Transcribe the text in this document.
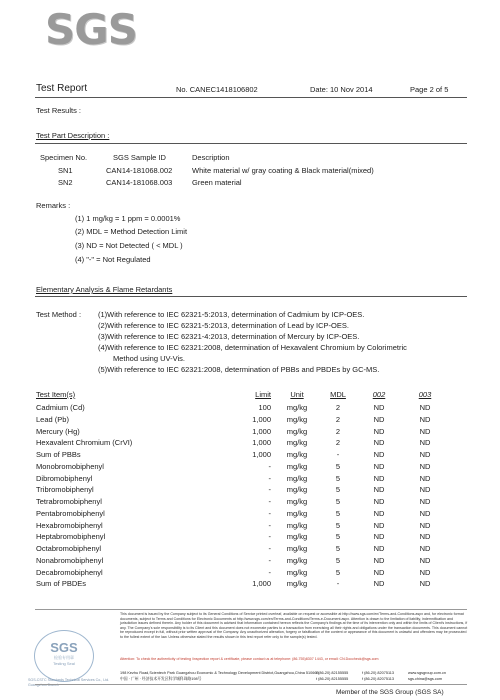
SGS
Test Report	No. CANEC1418106802	Date: 10 Nov 2014	Page 2 of 5
Test Results :
Test Part Description :
Specimen No.	SGS Sample ID	Description
SN1	CAN14-181068.002	White material w/ gray coating & Black material(mixed)
SN2	CAN14-181068.003	Green material
Remarks :
(1) 1 mg/kg = 1 ppm = 0.0001%
(2) MDL = Method Detection Limit
(3) ND = Not Detected ( < MDL )
(4) "-" = Not Regulated
Elementary Analysis & Flame Retardants
Test Method : (1)With reference to IEC 62321-5:2013, determination of Cadmium by ICP-OES.
(2)With reference to IEC 62321-5:2013, determination of Lead by ICP-OES.
(3)With reference to IEC 62321-4:2013, determination of Mercury by ICP-OES.
(4)With reference to IEC 62321:2008, determination of Hexavalent Chromium by Colorimetric
Method using UV-Vis.
(5)With reference to IEC 62321:2008, determination of PBBs and PBDEs by GC-MS.
Test Item(s)	Limit	Unit	MDL	002	003
Cadmium (Cd)	100	mg/kg	2	ND	ND
Lead (Pb)	1,000	mg/kg	2	ND	ND
Mercury (Hg)	1,000	mg/kg	2	ND	ND
Hexavalent Chromium (CrVI)	1,000	mg/kg	2	ND	ND
Sum of PBBs	1,000	mg/kg	-	ND	ND
Monobromobiphenyl	-	mg/kg	5	ND	ND
Dibromobiphenyl	-	mg/kg	5	ND	ND
Tribromobiphenyl	-	mg/kg	5	ND	ND
Tetrabromobiphenyl	-	mg/kg	5	ND	ND
Pentabromobiphenyl	-	mg/kg	5	ND	ND
Hexabromobiphenyl	-	mg/kg	5	ND	ND
Heptabromobiphenyl	-	mg/kg	5	ND	ND
Octabromobiphenyl	-	mg/kg	5	ND	ND
Nonabromobiphenyl	-	mg/kg	5	ND	ND
Decabromobiphenyl	-	mg/kg	5	ND	ND
Sum of PBDEs	1,000	mg/kg	-	ND	ND
This document is issued by the Company subject to its General Conditions of Service printed overleaf, available on request or accessible at http://www.sgs.com/en/Terms-and-Conditions.aspx and, for electronic format documents, subject to Terms and Conditions for Electronic Documents at http://www.sgs.com/en/Terms-and-Conditions/Terms-e-Document.aspx. Attention is drawn to the limitation of liability, indemnification and jurisdiction issues defined therein. Any holder of this document is advised that information contained hereon reflects the Company's findings at the time of its intervention only and within the limits of Client's instructions, if any. The Company's sole responsibility is to its Client and this document does not exonerate parties to a transaction from exercising all their rights and obligations under the transaction documents. This document cannot be reproduced except in full, without prior written approval of the Company. Any unauthorized alteration, forgery or falsification of the content or appearance of this document is unlawful and offenders may be prosecuted to the fullest extent of the law. Unless otherwise stated the results shown in this test report refer only to the sample(s) tested.
Attention: To check the authenticity of testing /inspection report & certificate, please contact us at telephone: (86-755)8307 1443, or email: CN.Doccheck@sgs.com
SGS
检验专用章
Testing Seal
SGS-CSTC Standards Technical Services Co., Ltd.
Guangzhou Branch
198 Kezhu Road,Scientech Park Guangzhou Economic & Technology Development District,Guangzhou,China 510663
中国 · 广州 · 经济技术开发区科学城科珠路198号
t (86-20) 82155555
t (86-20) 82155555
f (86-20) 82075113
f (86-20) 82075113
www.sgsgroup.com.cn
sgs.china@sgs.com
Member of the SGS Group (SGS SA)
